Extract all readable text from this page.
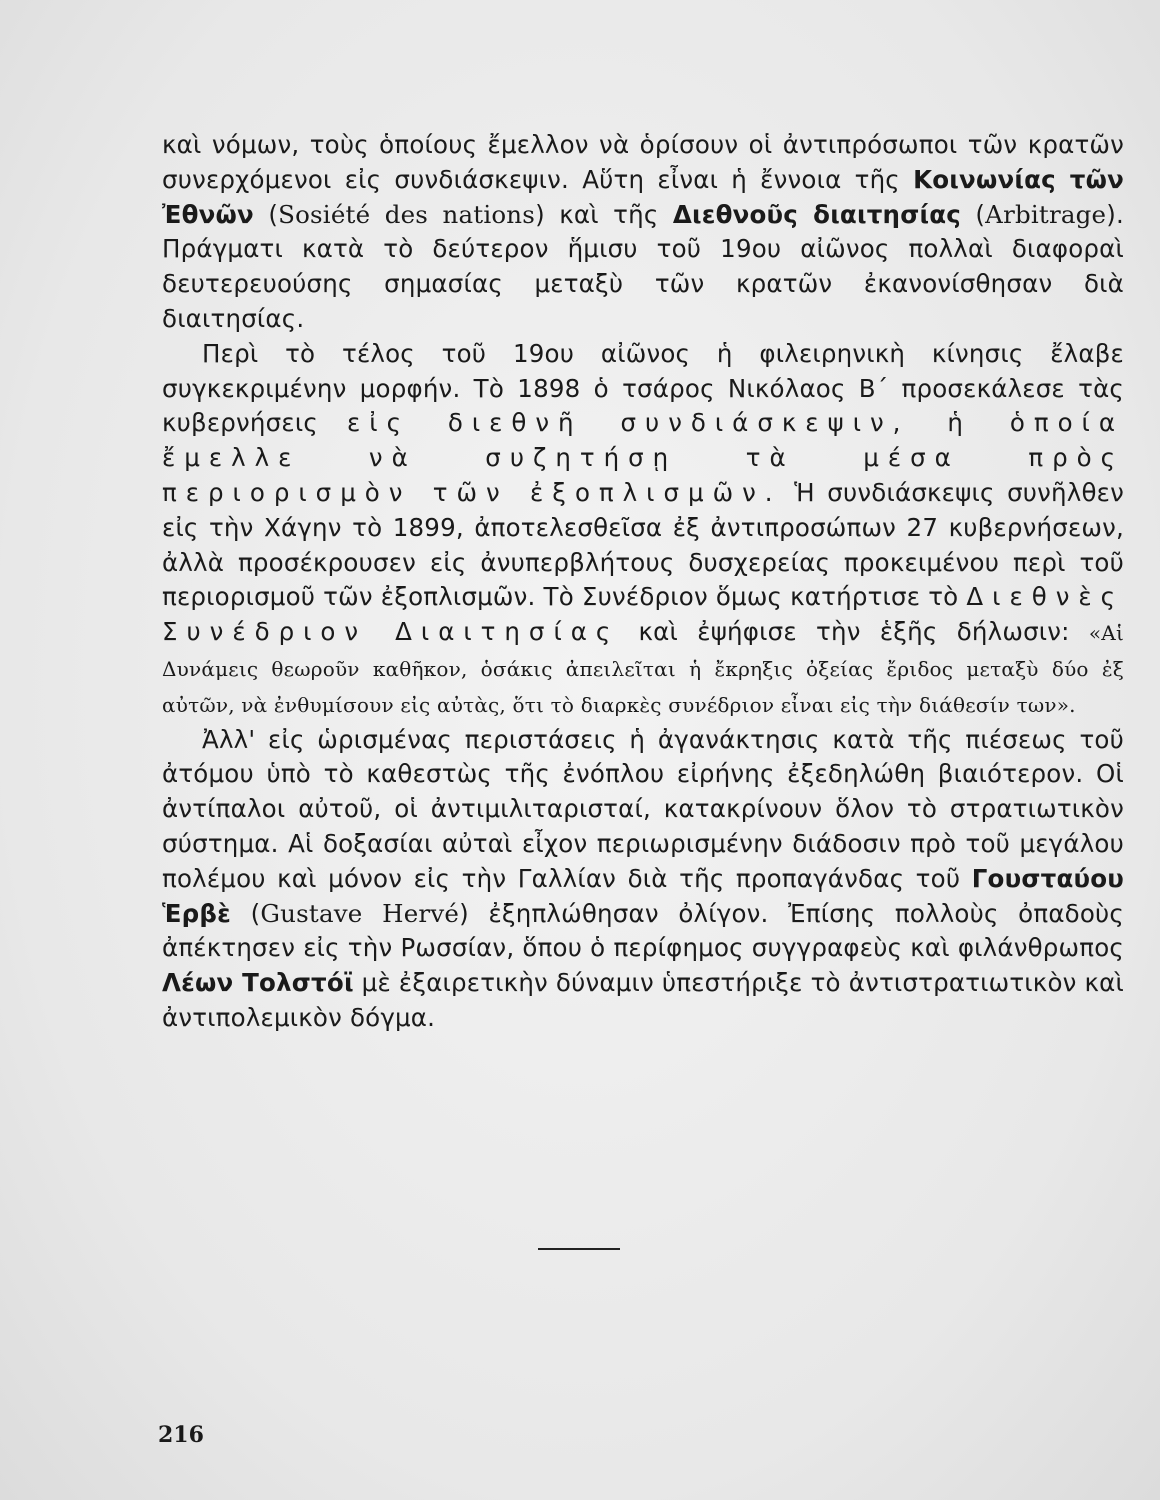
καὶ νόμων, τοὺς ὁποίους ἔμελλον νὰ ὁρίσουν οἱ ἀντιπρόσωποι τῶν κρατῶν συνερχόμενοι εἰς συνδιάσκεψιν. Αὕτη εἶναι ἡ ἔννοια τῆς Κοινωνίας τῶν Ἐθνῶν (Sosiété des nations) καὶ τῆς Διεθνοῦς διαιτησίας (Arbitrage). Πράγματι κατὰ τὸ δεύτερον ἥμισυ τοῦ 19ου αἰῶνος πολλαὶ διαφοραὶ δευτερευούσης σημασίας μεταξὺ τῶν κρατῶν ἐκανονίσθησαν διὰ διαιτησίας.

Περὶ τὸ τέλος τοῦ 19ου αἰῶνος ἡ φιλειρηνικὴ κίνησις ἔλαβε συγκεκριμένην μορφήν. Τὸ 1898 ὁ τσάρος Νικόλαος Β΄ προσεκάλεσε τὰς κυβερνήσεις εἰς διεθνῆ συνδιάσκεψιν, ἡ ὁποία ἔμελλε νὰ συζητήσῃ τὰ μέσα πρὸς περιορισμὸν τῶν ἐξοπλισμῶν. Ἡ συνδιάσκεψις συνῆλθεν εἰς τὴν Χάγην τὸ 1899, ἀποτελεσθεῖσα ἐξ ἀντιπροσώπων 27 κυβερνήσεων, ἀλλὰ προσέκρουσεν εἰς ἀνυπερβλήτους δυσχερείας προκειμένου περὶ τοῦ περιορισμοῦ τῶν ἐξοπλισμῶν. Τὸ Συνέδριον ὅμως κατήρτισε τὸ Διεθνὲς Συνέδριον Διαιτησίας καὶ ἐψήφισε τὴν ἑξῆς δήλωσιν: «Αἱ Δυνάμεις θεωροῦν καθῆκον, ὁσάκις ἀπειλεῖται ἡ ἔκρηξις ὀξείας ἔριδος μεταξὺ δύο ἐξ αὐτῶν, νὰ ἐνθυμίσουν εἰς αὐτὰς, ὅτι τὸ διαρκὲς συνέδριον εἶναι εἰς τὴν διάθεσίν των».

Ἀλλ' εἰς ὡρισμένας περιστάσεις ἡ ἀγανάκτησις κατὰ τῆς πιέσεως τοῦ ἀτόμου ὑπὸ τὸ καθεστὼς τῆς ἐνόπλου εἰρήνης ἐξεδηλώθη βιαιότερον. Οἱ ἀντίπαλοι αὐτοῦ, οἱ ἀντιμιλιταρισταί, κατακρίνουν ὅλον τὸ στρατιωτικὸν σύστημα. Αἱ δοξασίαι αὐταὶ εἶχον περιωρισμένην διάδοσιν πρὸ τοῦ μεγάλου πολέμου καὶ μόνον εἰς τὴν Γαλλίαν διὰ τῆς προπαγάνδας τοῦ Γουσταύου Ἑρβὲ (Gustave Hervé) ἐξηπλώθησαν ὀλίγον. Ἐπίσης πολλοὺς ὀπαδοὺς ἀπέκτησεν εἰς τὴν Ρωσσίαν, ὅπου ὁ περίφημος συγγραφεὺς καὶ φιλάνθρωπος Λέων Τολστόϊ μὲ ἐξαιρετικὴν δύναμιν ὑπεστήριξε τὸ ἀντιστρατιωτικὸν καὶ ἀντιπολεμικὸν δόγμα.

216
